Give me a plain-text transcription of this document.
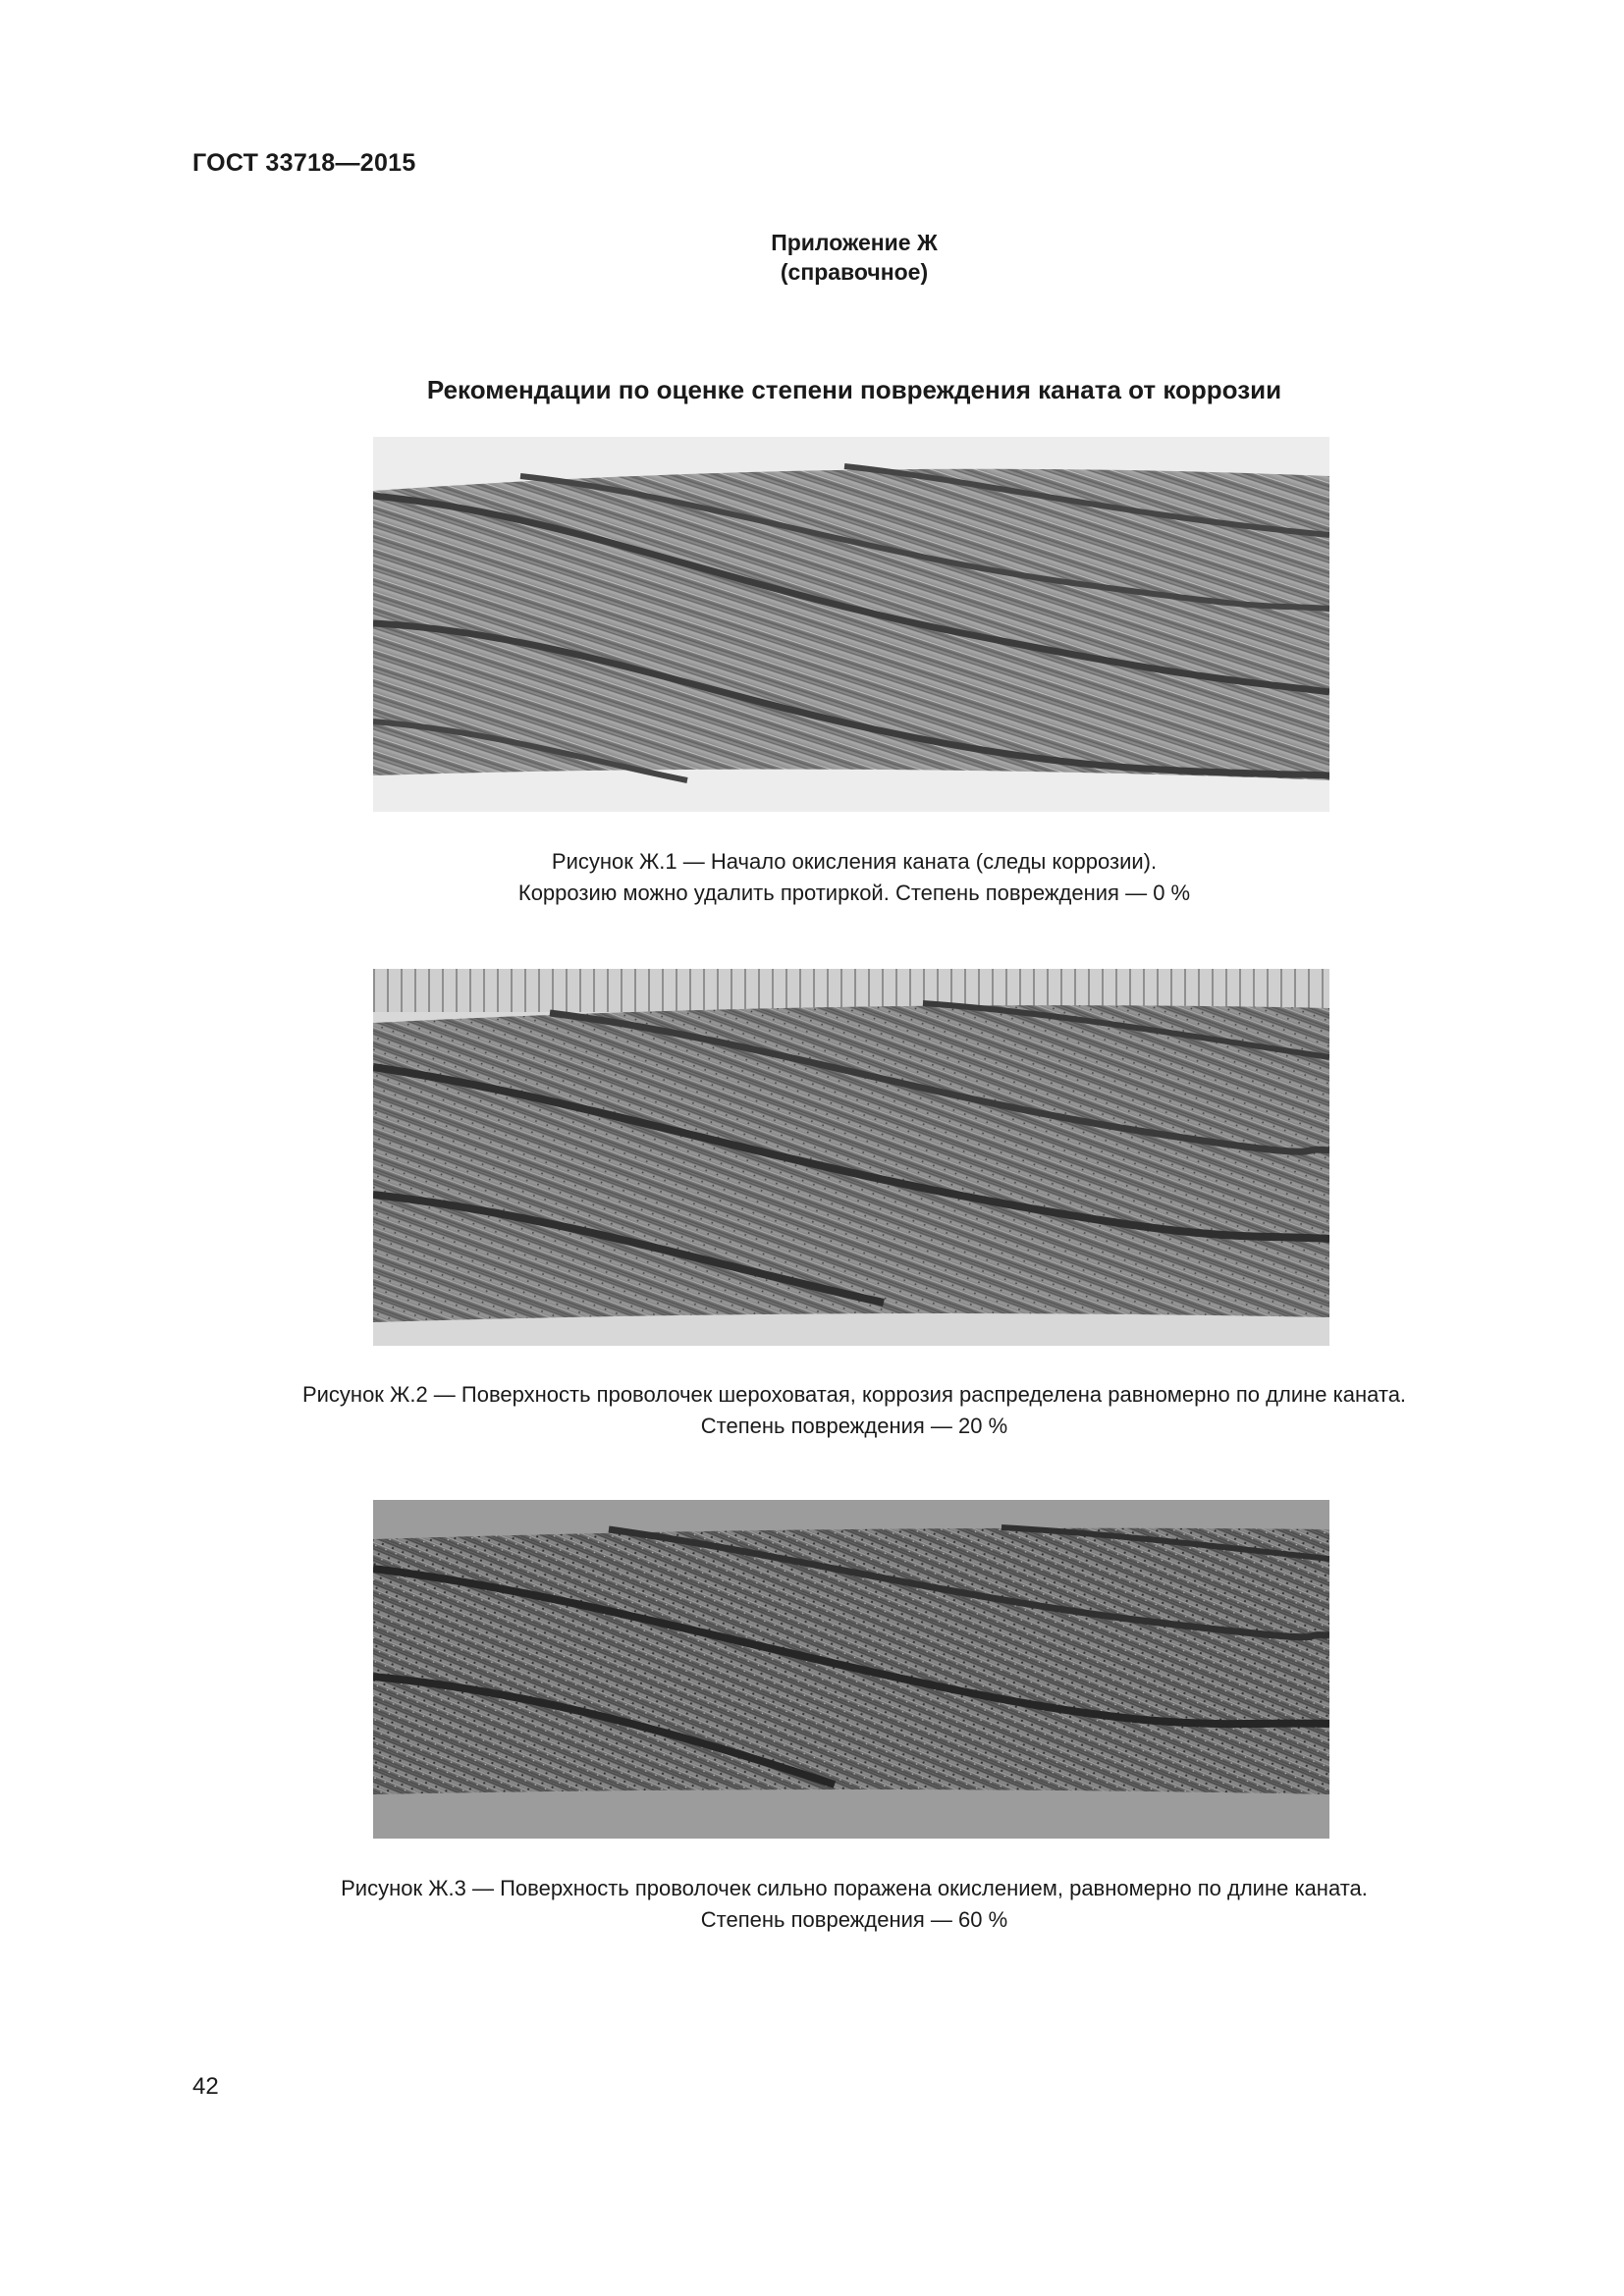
ГОСТ 33718—2015
Приложение Ж
(справочное)
Рекомендации по оценке степени повреждения каната от коррозии
Рисунок Ж.1 — Начало окисления каната (следы коррозии).
Коррозию можно удалить протиркой. Степень повреждения — 0 %
Рисунок Ж.2 — Поверхность проволочек шероховатая, коррозия распределена равномерно по длине каната.
Степень повреждения — 20 %
Рисунок Ж.3 — Поверхность проволочек сильно поражена окислением, равномерно по длине каната.
Степень повреждения — 60 %
42
